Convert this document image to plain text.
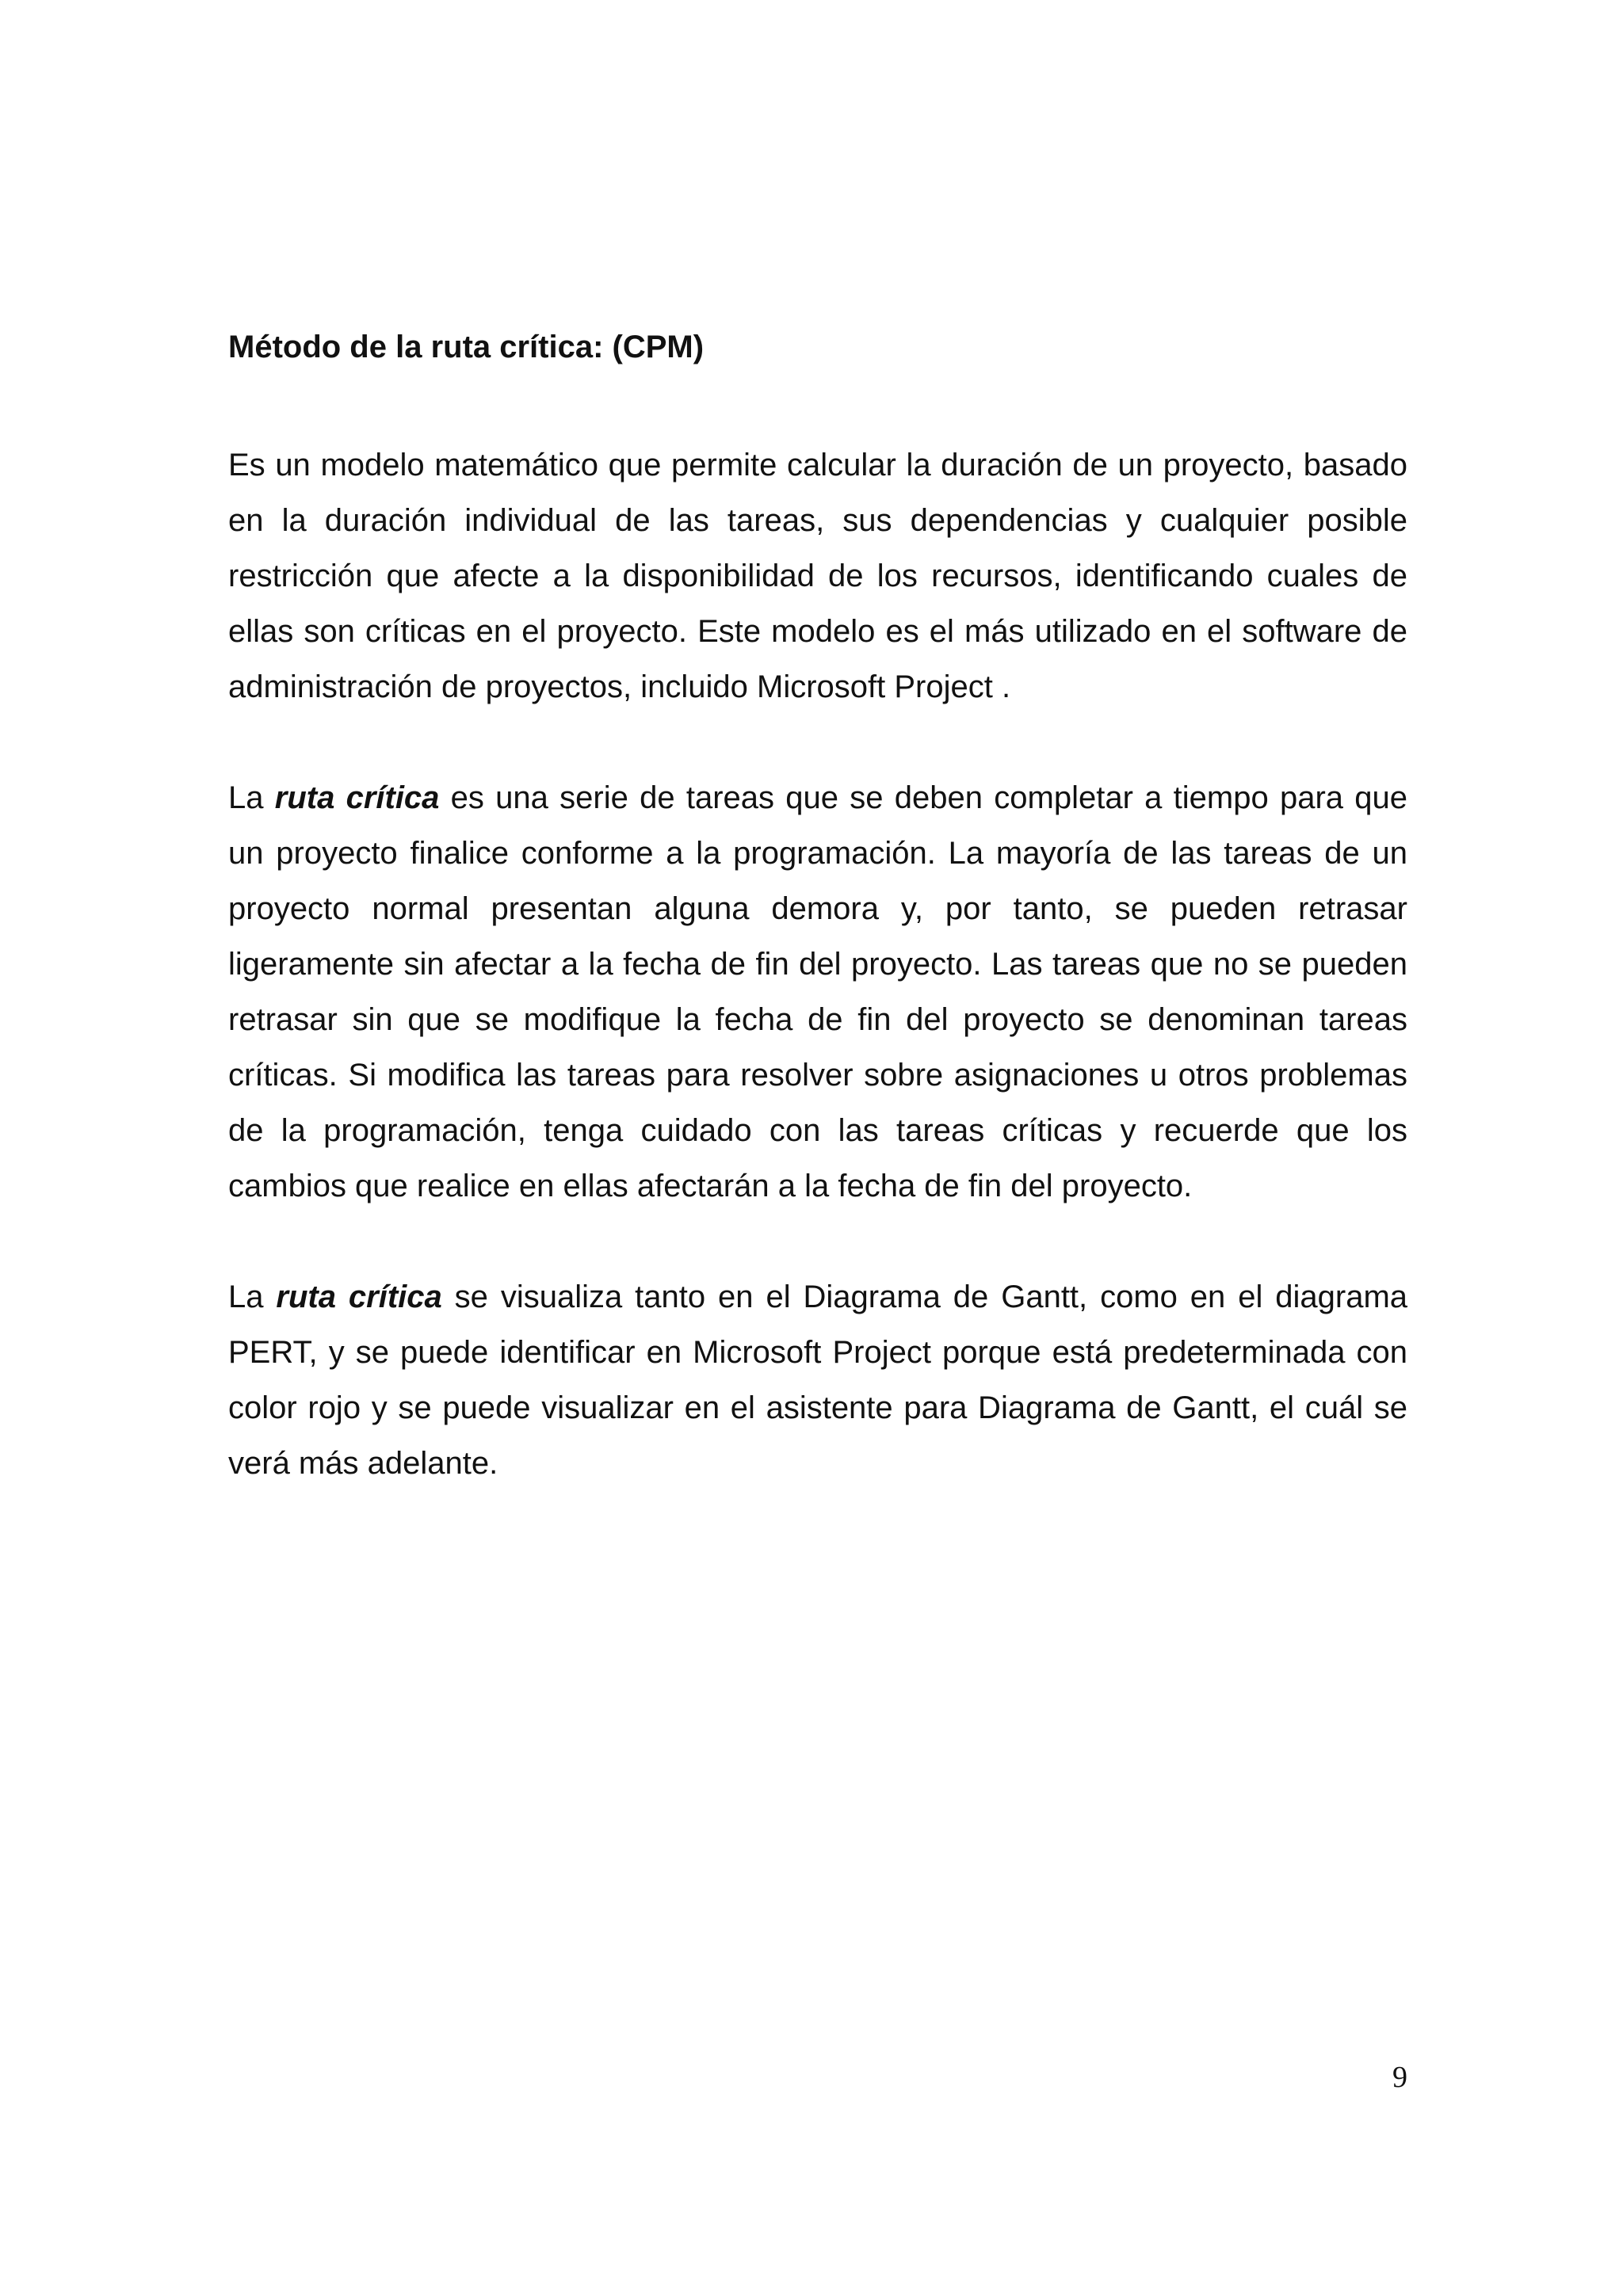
Método de la ruta crítica: (CPM)

Es un modelo matemático que permite calcular la duración de un proyecto, basado en la duración individual de las tareas, sus dependencias y cualquier posible restricción que afecte a la disponibilidad de los recursos, identificando cuales de ellas son críticas en el proyecto. Este modelo es el más utilizado en el software de administración de proyectos, incluido Microsoft Project .

La ruta crítica es una serie de tareas que se deben completar a tiempo para que un proyecto finalice conforme a la programación. La mayoría de las tareas de un proyecto normal presentan alguna demora y, por tanto, se pueden retrasar ligeramente sin afectar a la fecha de fin del proyecto. Las tareas que no se pueden retrasar sin que se modifique la fecha de fin del proyecto se denominan tareas críticas. Si modifica las tareas para resolver sobre asignaciones u otros problemas de la programación, tenga cuidado con las tareas críticas y recuerde que los cambios que realice en ellas afectarán a la fecha de fin del proyecto.

La ruta crítica se visualiza tanto en el Diagrama de Gantt, como en el diagrama PERT, y se puede identificar en Microsoft Project porque está predeterminada con color rojo y se puede visualizar en el asistente para Diagrama de Gantt, el cuál se verá más adelante.

9
